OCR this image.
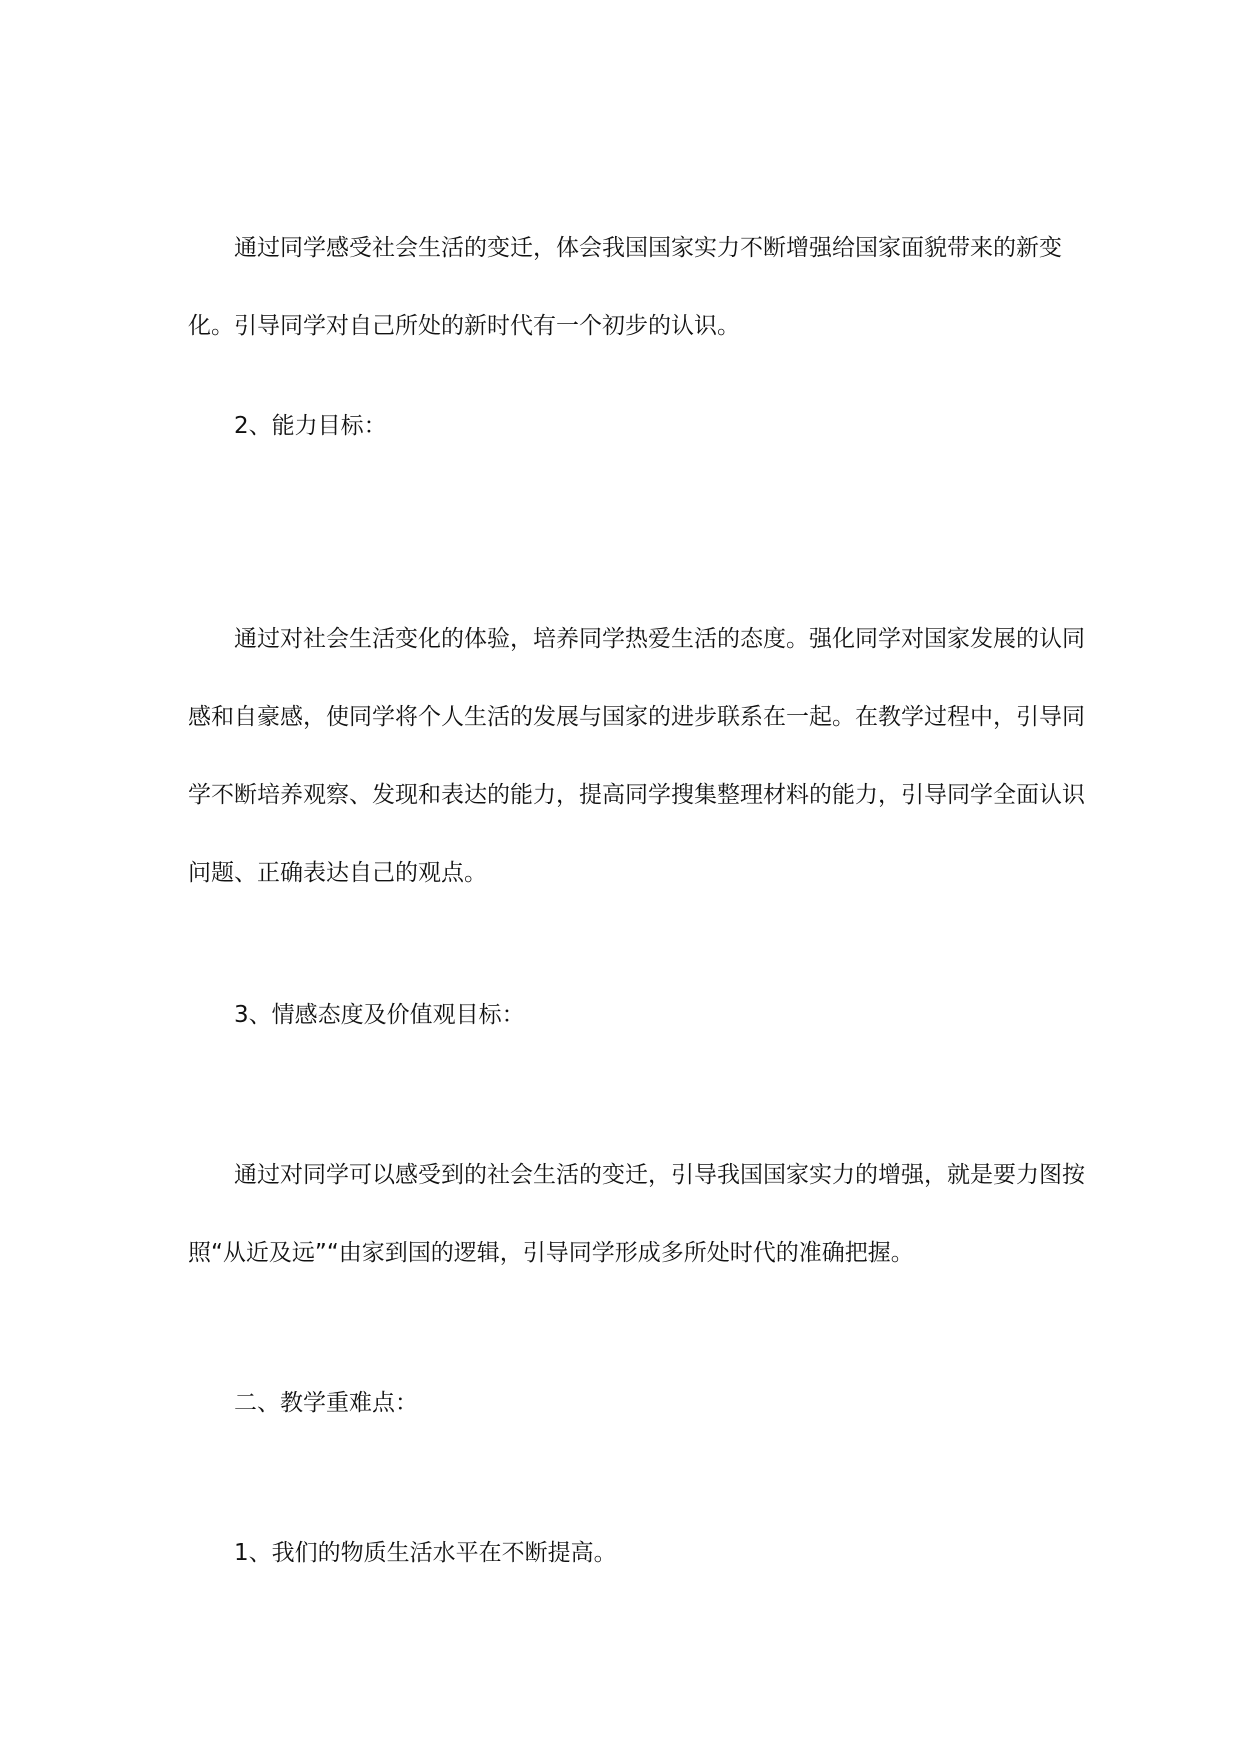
通过同学感受社会生活的变迁，体会我国国家实力不断增强给国家面貌带来的新变化。引导同学对自己所处的新时代有一个初步的认识。

2、能力目标：

通过对社会生活变化的体验，培养同学热爱生活的态度。强化同学对国家发展的认同感和自豪感，使同学将个人生活的发展与国家的进步联系在一起。在教学过程中，引导同学不断培养观察、发现和表达的能力，提高同学搜集整理材料的能力，引导同学全面认识问题、正确表达自己的观点。

3、情感态度及价值观目标：

通过对同学可以感受到的社会生活的变迁，引导我国国家实力的增强，就是要力图按照“从近及远”“由家到国的逻辑，引导同学形成多所处时代的准确把握。

二、教学重难点：

1、我们的物质生活水平在不断提高。
